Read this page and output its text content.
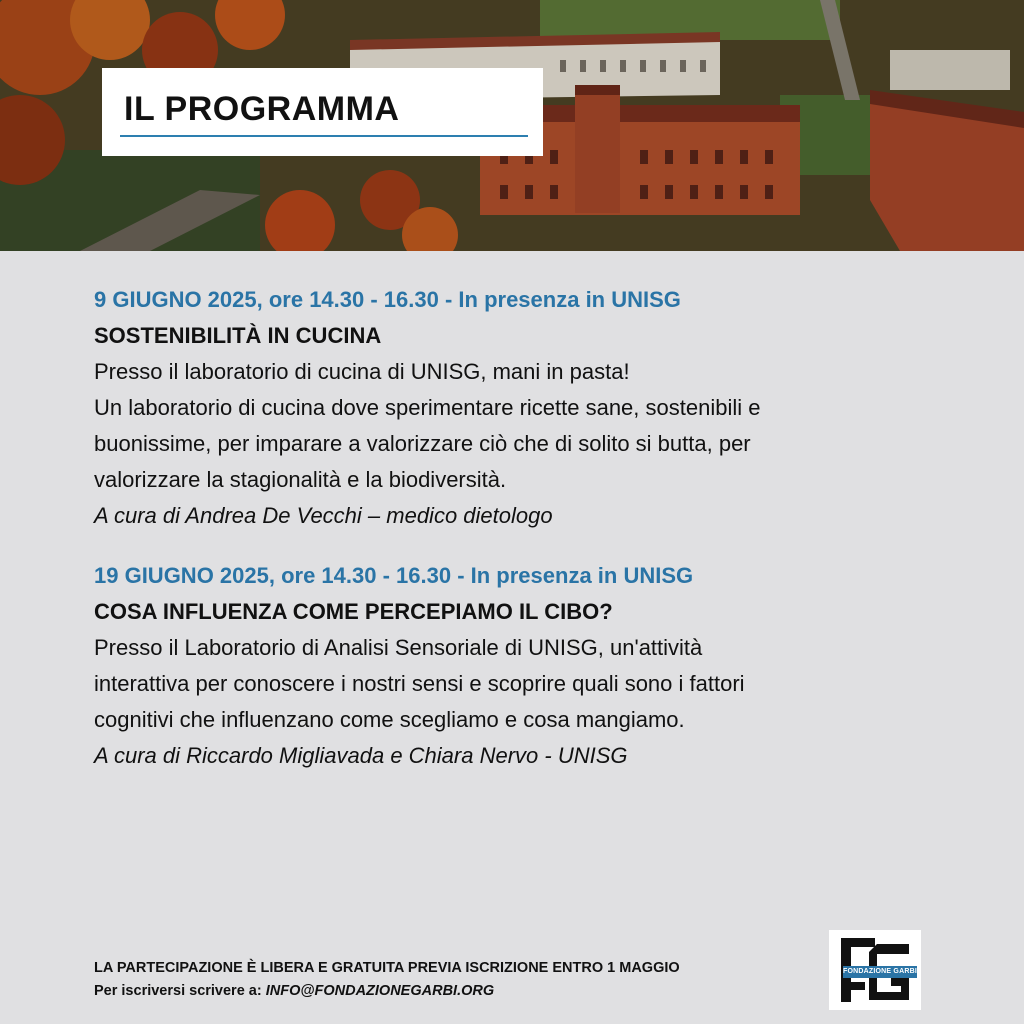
IL PROGRAMMA
9 GIUGNO 2025, ore 14.30 - 16.30 - In presenza in UNISG
SOSTENIBILITÀ IN CUCINA
Presso il laboratorio di cucina di UNISG, mani in pasta!
Un laboratorio di cucina dove sperimentare ricette sane, sostenibili e
buonissime, per imparare a valorizzare ciò che di solito si butta, per
valorizzare la stagionalità e la biodiversità.
A cura di Andrea De Vecchi – medico dietologo
19 GIUGNO 2025, ore 14.30 - 16.30 - In presenza in UNISG
COSA INFLUENZA COME PERCEPIAMO IL CIBO?
Presso il Laboratorio di Analisi Sensoriale di UNISG, un'attività
interattiva per conoscere i nostri sensi e scoprire quali sono i fattori
cognitivi che influenzano come scegliamo e cosa mangiamo.
A cura di Riccardo Migliavada e Chiara Nervo - UNISG
LA PARTECIPAZIONE È LIBERA E GRATUITA PREVIA ISCRIZIONE ENTRO 1 MAGGIO
Per iscriversi scrivere a: INFO@FONDAZIONEGARBI.ORG
FONDAZIONE GARBI
